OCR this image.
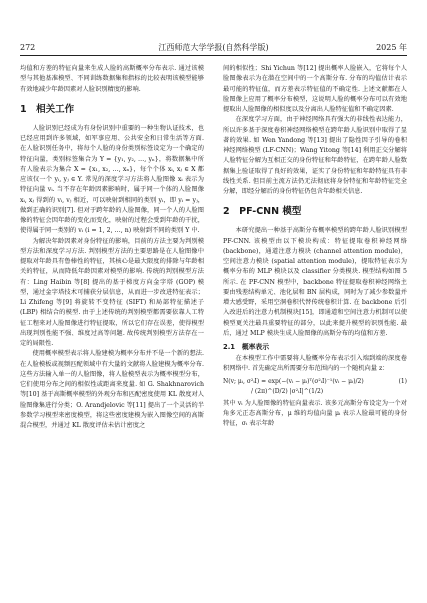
272	江西师范大学学报(自然科学版)	2025 年

均值和方差的特征向量来生成人脸的高斯概率分布表示. 通过该模型与其他基准模型、不同训练数据集和指标的比较表明该模型能够有效地减少年龄因素对人脸识别精度的影响.

1　相关工作

人脸识别已经成为有身份识别中重要的一种生物认证技术，也已经应用到许多领域，如军事应用、公共安全和日常生活等方面. 在人脸识别任务中，将每个人脸的身份类别标签设定为一个确定的特征向量，类别标签集合为 Y = {y₁, y₂, …, yₙ}，将数据集中所有人脸表示为集合 X = {x₁, x₂, …, xₙ}，每个个体 xᵢ, xⱼ ∈ X 都应该仅一个 yᵢ, yⱼ ∈ Y. 常见的深度学习方法将人脸图像 xᵢ 表示为特征向量 vᵢ. 当不存在年龄因素影响时，属于同一个体的人脸图像 xᵢ, xⱼ 得到的 vᵢ, vⱼ 相近，可以映射到相同的类别 yᵢ，即 yᵢ = yⱼ，做到正确的识别[7]. 但对于跨年龄的人脸图像，同一个人的人脸图像的特征会因年龄的变化而变化，映射的过程会受到年龄的干扰，使得属于同一类别的 vᵢ (i = 1, 2, …, n) 映射到不同的类别 Y 中.

为解决年龄因素对身份特征的影响，目前的方法主要为判别模型方法和深度学习方法. 判别模型方法的主要思路是在人脸图像中提取对年龄具有鲁棒性的特征，其核心是最大限度的排除与年龄相关的特征，从而降低年龄因素对模型的影响. 传统的判别模型方法有：Ling Haibin 等[8] 提出的基于梯度方向金字塔 (GOP) 模型，通过金字塔技术可捕获分层信息，从而进一步改进特征表示；Li Zhifeng 等[9] 将旋转不变特征 (SIFT) 和局部特征描述子 (LBP) 相结合的模型. 由于上述传统的判别模型都需要依靠人工特征工程来对人脸图像进行特征提取，所以它们存在误差，使得模型出现判别性能不强、维度过高等问题. 故传统判别模型方法存在一定的局限性.

使用概率模型表示将人脸建模为概率分布并不是一个新的想法. 在人脸模板或视频匹配领域中有大量的文献将人脸建模为概率分布. 这些方法输入单一的人脸图像，将人脸模型表示为概率模型分布，它们使用分布之间的相似性或距离来度量. 如 G. Shakhnarovich 等[10] 基于高斯概率模型的外观分布和匹配密度使用 KL 散度对人脸图像集进行分类；O. Arandjelovic 等[11] 提出了一个灵活的半参数学习模型来密度模型，将这些密度建模为嵌入图像空间的高斯混合模型，并通过 KL 散度评估未估计密度之

间的相似性；Shi Yichun 等[12] 提出概率人脸嵌入，它将每个人脸图像表示为在潜在空间中的一个高斯分布. 分布的均值估计表示最可能的特征值，而方差表示特征值的不确定性. 上述文献都在人脸图像上应用了概率分布模型，这说明人脸的概率分布可以有效地提取出人脸图像的相似度以及分离出人脸特征值和不确定因素.

在深度学习方面，由于神经网络具有强大的非线性表达能力，所以许多基于深度卷积神经网络模型在跨年龄人脸识别中取得了显著的效果. 如 Wen Yandong 等[13] 提出了隐性因子引导的卷积神经网络模型 (LF-CNN)；Wang Yitong 等[14] 利用正交分解将人脸特征分解为互相正交的身份特征和年龄特征，在跨年龄人脸数据集上验证取得了良好的效果，证实了身份特征和年龄特征具有非线性关系. 但目前主流方法仍无法彻底将身份特征和年龄特征完全分解，即经分解后的身份特征仍包含年龄相关信息.

2　PF-CNN 模型

本研究提出一种基于高斯分布概率模型的跨年龄人脸识别模型 PF-CNN. 该模型由以下模块构成：特征提取卷积神经网络 (backbone)，通道注意力模块 (channel attention module)，空间注意力模块 (spatial attention module)，提取特征表示为概率分布的 MLP 模块以及 classifier 分类模块. 模型结构如图 5 所示. 在 PF-CNN 模型中，backbone 特征提取卷积神经网络主要由残差结构单元、池化层和 BN 层构成，同时为了减少参数量并增大感受野，采用空洞卷积代替传统卷积计算. 在 backbone 后引入改进后的注意力机制模块[15]，即通道和空间注意力机制可以使模型更关注最具重要特征的部分，以此来提升模型的识别性能. 最后，通过 MLP 模块生成人脸图像的高斯分布的均值和方差.

2.1　概率表示

在本模型工作中需要将人脸概率分布表示引入端到端的深度卷积网络中. 首先确定出所需要分布范围内的一个随机向量 z：

N(v; μᵢ, σ²ᵢI) = exp(−(vᵢ − μᵢ)ᵀ(σ²ᵢI)⁻¹(vᵢ − μᵢ)/2)
/ (2π)^(D/2) |σ²ᵢI|^(1/2)
(1)

其中 vᵢ 为人脸图像的特征向量表示. 该多元高斯分布设定为一个对角多元正态高斯分布，μ 维的均值向量 μᵢ 表示人脸最可能的身份特征，σᵢ 表示年龄
